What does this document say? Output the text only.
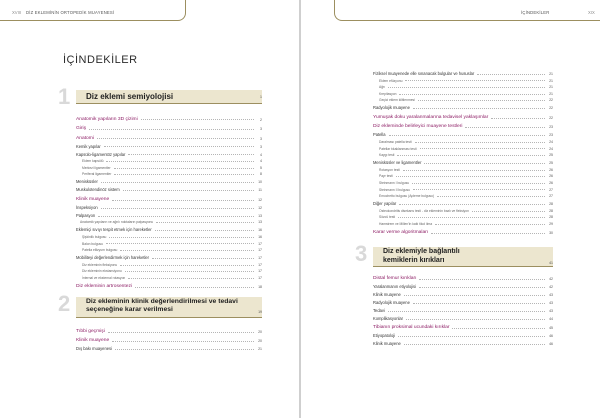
XVIII DİZ EKLEMİNİN ORTOPEDİK MUAYENESİ
İÇİNDEKİLER
1 Diz eklemi semiyolojisi	1
Anatomik yapıların 3D çizimi	2
Giriş	3
Anatomi	3
Kemik yapılar	3
Kapsülo-ligamentöz yapılar	4
Eklem kapsülü	4
Merkezi ligamentler	5
Periferal ligamentler	8
Menisküsler	10
Muskulotendinöz sistem	11
Klinik muayene	12
İnspeksiyon	12
Palpasyon	13
Anatomik yapıların ve ağrılı noktaların palpasyonu	13
Eklemiçi sıvıyı tespit etmek için hareketler	16
Şişkinlik bulgusu	16
Balon bulgusu	17
Patella ellizyum bulgusu	17
Mobiliteyi değerlendirmek için hareketler	17
Diz ekleminin fleksiyonu	17
Diz ekleminin ekstansiyonu	17
İnternal ve eksternal rotasyon	17
Diz ekleminin artrosentezi	18
2 Diz ekleminin klinik değerlendirilmesi ve tedavi
seçeneğine karar verilmesi	19
Tıbbi geçmişi	20
Klinik muayene	20
Dış bakı muayenesi	21
İÇİNDEKİLER	XIX
Fiziksel muayenede elle sınanacak bulgular ve hususlar	21
Eklem efüzyonu	21
Ağrı	21
Krepitasyon	21
Geçici eklem kilitlenmesi	22
Radyolojik muayene	22
Yumuşak doku yaralanmalarına tedavisel yaklaşımlar	22
Diz ekleminde belirleyici muayene testleri	23
Patella	23
Daralması patella testi	24
Patellar tıkaklanması testi	24
Kaygı testi	25
Menisküsler ve ligamentler	25
Rotasyon testi	26
Payr testi	26
Steinmann I bulgusu	26
Steinmann II bulgusu	27
Emochetto bulgusu (Apleme bulgusu)	27
Diğer yapılar	28
Osteokondritis disekans testi - diz ekleminin bazlı ve fleksiyon	28
Sözcü testi	28
Hamstrem ve Millen'in katlı tikol ilma	29
Karar verme algoritmaları	30
3 Diz eklemiyle bağlantılı
kemiklerin kırıkları	41
Distal femur kırıkları	42
Yaralanmanın etiyolojisi	42
Klinik muayene	43
Radyolojik muayene	43
Tedavi	43
Komplikasyonlar	44
Tibianın proksimal ucundaki kırıklar	45
Etiyopatoloji	46
Klinik muayene	46
